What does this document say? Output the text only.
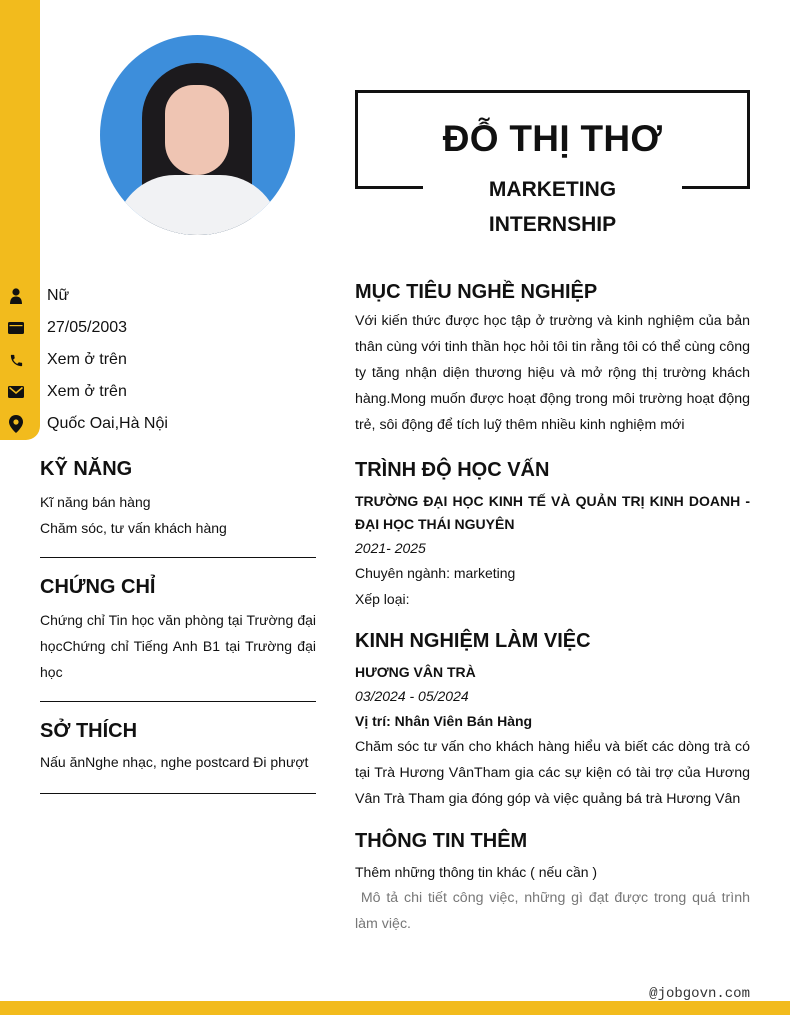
ĐỖ THỊ THƠ
MARKETING
INTERNSHIP
Nữ
27/05/2003
Xem ở trên
Xem ở trên
Quốc Oai,Hà Nội
KỸ NĂNG
Kĩ năng bán hàng
Chăm sóc, tư vấn khách hàng
CHỨNG CHỈ
Chứng chỉ Tin học văn phòng tại Trường đại họcChứng chỉ Tiếng Anh B1 tại Trường đại học
SỞ THÍCH
Nấu ănNghe nhạc, nghe postcard Đi phượt
MỤC TIÊU NGHỀ NGHIỆP
Với kiến thức được học tập ở trường và kinh nghiệm của bản thân cùng với tinh thần học hỏi tôi tin rằng tôi có thể cùng công ty tăng nhận diện thương hiệu và mở rộng thị trường khách hàng.Mong muốn được hoạt động trong môi trường hoạt động trẻ, sôi động để tích luỹ thêm nhiều kinh nghiệm mới
TRÌNH ĐỘ HỌC VẤN
TRƯỜNG ĐẠI HỌC KINH TẾ VÀ QUẢN TRỊ KINH DOANH - ĐẠI HỌC THÁI NGUYÊN
2021- 2025
Chuyên ngành: marketing
Xếp loại:
KINH NGHIỆM LÀM VIỆC
HƯƠNG VÂN TRÀ
03/2024 - 05/2024
Vị trí: Nhân Viên Bán Hàng
Chăm sóc tư vấn cho khách hàng hiểu và biết các dòng trà có tại Trà Hương VânTham gia các sự kiện có tài trợ của Hương Vân Trà Tham gia đóng góp và việc quảng bá trà Hương Vân
THÔNG TIN THÊM
Thêm những thông tin khác ( nếu cần )
Mô tả chi tiết công việc, những gì đạt được trong quá trình làm việc.
@jobgovn.com
